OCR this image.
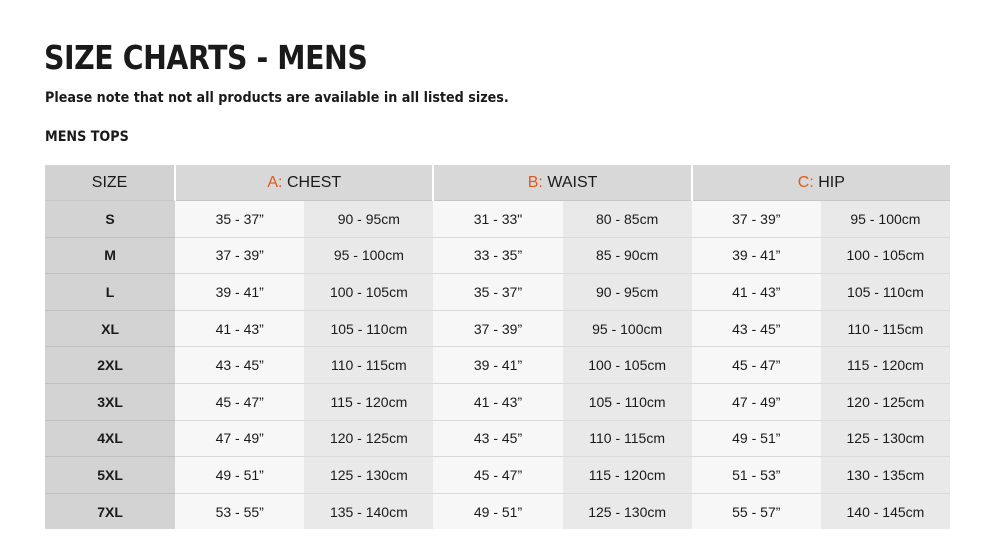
SIZE CHARTS - MENS

Please note that not all products are available in all listed sizes.

MENS TOPS
SIZE	A: CHEST		B: WAIST		C: HIP	
S	35 - 37”	90 - 95cm	31 - 33"	80 - 85cm	37 - 39”	95 - 100cm
M	37 - 39”	95 - 100cm	33 - 35”	85 - 90cm	39 - 41”	100 - 105cm
L	39 - 41”	100 - 105cm	35 - 37”	90 - 95cm	41 - 43”	105 - 110cm
XL	41 - 43”	105 - 110cm	37 - 39”	95 - 100cm	43 - 45”	110 - 115cm
2XL	43 - 45”	110 - 115cm	39 - 41”	100 - 105cm	45 - 47”	115 - 120cm
3XL	45 - 47”	115 - 120cm	41 - 43”	105 - 110cm	47 - 49”	120 - 125cm
4XL	47 - 49”	120 - 125cm	43 - 45”	110 - 115cm	49 - 51”	125 - 130cm
5XL	49 - 51”	125 - 130cm	45 - 47”	115 - 120cm	51 - 53”	130 - 135cm
7XL	53 - 55”	135 - 140cm	49 - 51”	125 - 130cm	55 - 57”	140 - 145cm
